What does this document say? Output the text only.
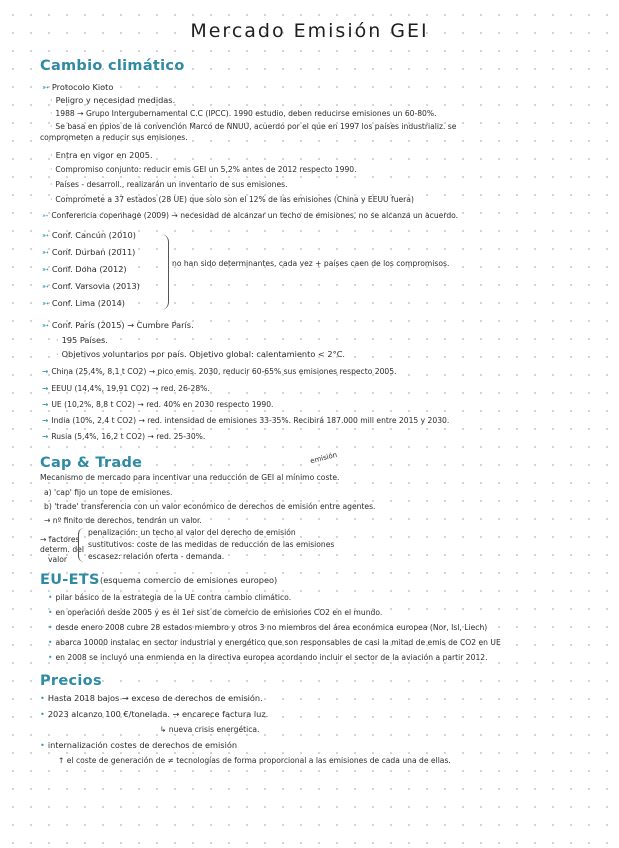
Mercado Emisión GEI
Cambio climático
➳ Protocolo Kioto
· Peligro y necesidad medidas.
· 1988 → Grupo Intergubernamental C.C (IPCC). 1990 estudio, deben reducirse emisiones un 60-80%.
· Se basa en ppios de la convención Marco de NNUU, acuerdo por el que en 1997 los países industrializ. se
comprometen a reducir sus emisiones.
· Entra en vigor en 2005.
· Compromiso conjunto: reducir emis GEI un 5,2% antes de 2012 respecto 1990.
· Países - desarroll., realizarán un inventario de sus emisiones.
· Compromete a 37 estados (28 UE) que solo son el 12% de las emisiones (China y EEUU fuera)
➳ Conferencia copenhage (2009) → necesidad de alcanzar un techo de emisiones, no se alcanza un acuerdo.
➳ Conf. Cancún (2010)
➳ Conf. Durban (2011)
➳ Conf. Doha (2012)
➳ Conf. Varsovia (2013)
➳ Conf. Lima (2014)
no han sido determinantes, cada vez + países caen de los compromisos.
➳ Conf. París (2015) → Cumbre París.
· 195 Países.
· Objetivos voluntarios por país. Objetivo global: calentamiento < 2°C.
→ China (25,4%, 8,1 t CO2) → pico emis. 2030, reducir 60-65% sus emisiones respecto 2005.
→ EEUU (14,4%, 19,91 CO2) → red. 26-28%.
→ UE (10,2%, 8,8 t CO2) → red. 40% en 2030 respecto 1990.
→ India (10%, 2,4 t CO2) → red. intensidad de emisiones 33-35%. Recibirá 187.000 mill entre 2015 y 2030.
→ Rusia (5,4%, 16,2 t CO2) → red. 25-30%.
Cap & Trade	emisión
Mecanismo de mercado para incentivar una reducción de GEI al mínimo coste.
a) 'cap' fijo un tope de emisiones.
b) 'trade' transferencia con un valor económico de derechos de emisión entre agentes.
→ nº finito de derechos, tendrán un valor.
→ factores
determ. del
valor
penalización: un techo al valor del derecho de emisión
sustitutivos: coste de las medidas de reducción de las emisiones
escasez: relación oferta - demanda.
EU-ETS (esquema comercio de emisiones europeo)
• pilar básico de la estrategia de la UE contra cambio climático.
• en operación desde 2005 y es el 1er sist de comercio de emisiones CO2 en el mundo.
• desde enero 2008 cubre 28 estados miembro y otros 3 no miembros del área económica europea (Nor, Isl, Liech)
• abarca 10000 instalac en sector industrial y energético que son responsables de casi la mitad de emis de CO2 en UE
• en 2008 se incluyó una enmienda en la directiva europea acordando incluir el sector de la aviación a partir 2012.
Precios
• Hasta 2018 bajos → exceso de derechos de emisión.
• 2023 alcanzo 100 €/tonelada. → encarece factura luz.
↳ nueva crisis energética.
• internalización costes de derechos de emisión
↑ el coste de generación de ≠ tecnologías de forma proporcional a las emisiones de cada una de ellas.
